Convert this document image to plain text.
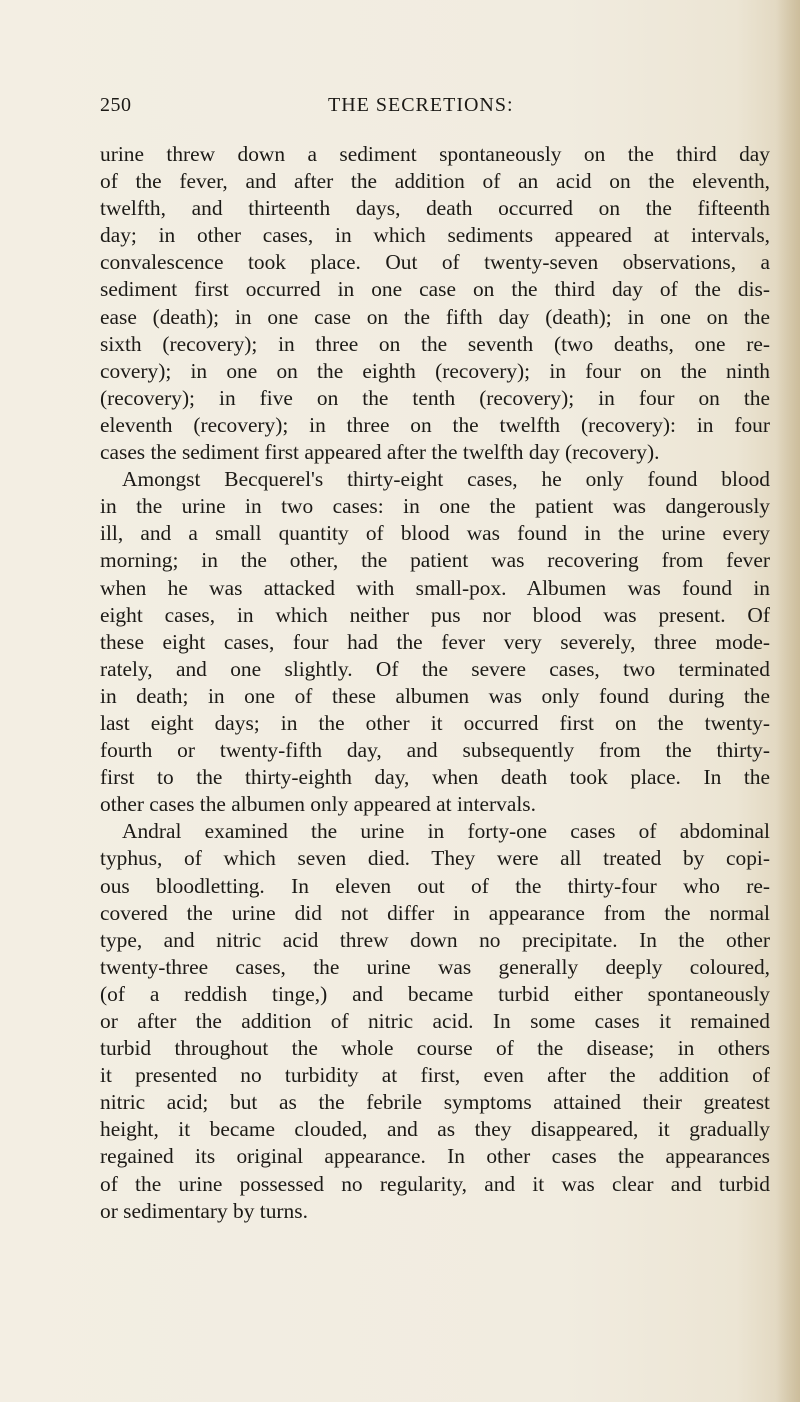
250	THE SECRETIONS:
urine threw down a sediment spontaneously on the third day
of the fever, and after the addition of an acid on the eleventh,
twelfth, and thirteenth days, death occurred on the fifteenth
day; in other cases, in which sediments appeared at intervals,
convalescence took place. Out of twenty-seven observations, a
sediment first occurred in one case on the third day of the dis-
ease (death); in one case on the fifth day (death); in one on the
sixth (recovery); in three on the seventh (two deaths, one re-
covery); in one on the eighth (recovery); in four on the ninth
(recovery); in five on the tenth (recovery); in four on the
eleventh (recovery); in three on the twelfth (recovery): in four
cases the sediment first appeared after the twelfth day (recovery).
Amongst Becquerel's thirty-eight cases, he only found blood
in the urine in two cases: in one the patient was dangerously
ill, and a small quantity of blood was found in the urine every
morning; in the other, the patient was recovering from fever
when he was attacked with small-pox. Albumen was found in
eight cases, in which neither pus nor blood was present. Of
these eight cases, four had the fever very severely, three mode-
rately, and one slightly. Of the severe cases, two terminated
in death; in one of these albumen was only found during the
last eight days; in the other it occurred first on the twenty-
fourth or twenty-fifth day, and subsequently from the thirty-
first to the thirty-eighth day, when death took place. In the
other cases the albumen only appeared at intervals.
Andral examined the urine in forty-one cases of abdominal
typhus, of which seven died. They were all treated by copi-
ous bloodletting. In eleven out of the thirty-four who re-
covered the urine did not differ in appearance from the normal
type, and nitric acid threw down no precipitate. In the other
twenty-three cases, the urine was generally deeply coloured,
(of a reddish tinge,) and became turbid either spontaneously
or after the addition of nitric acid. In some cases it remained
turbid throughout the whole course of the disease; in others
it presented no turbidity at first, even after the addition of
nitric acid; but as the febrile symptoms attained their greatest
height, it became clouded, and as they disappeared, it gradually
regained its original appearance. In other cases the appearances
of the urine possessed no regularity, and it was clear and turbid
or sedimentary by turns.
